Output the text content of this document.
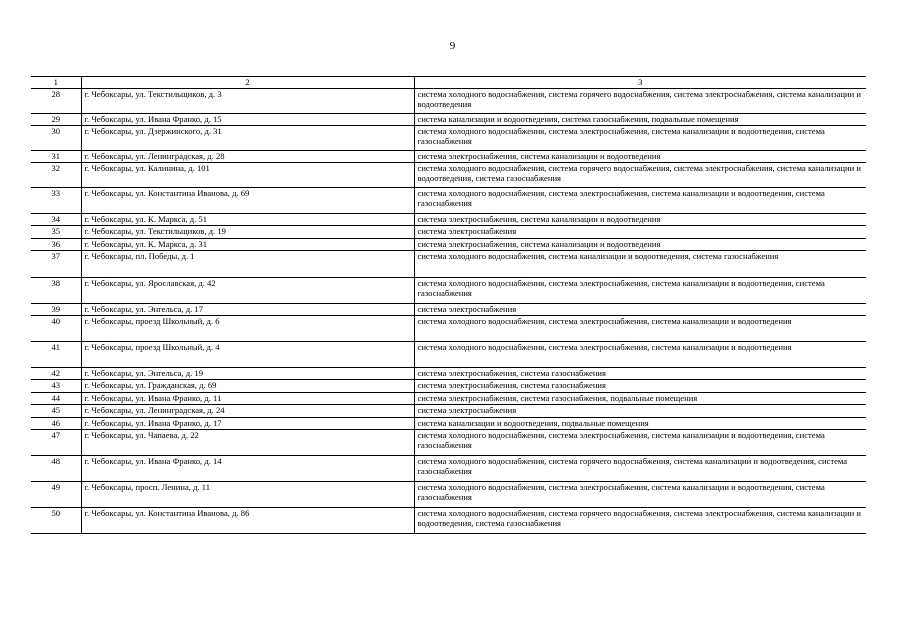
9
1	2	3
28	г. Чебоксары, ул. Текстильщиков, д. 3	система холодного водоснабжения, система горячего водоснабжения, система электроснабжения, система канализации и водоотведения
29	г. Чебоксары, ул. Ивана Франко, д. 15	система канализации и водоотведения, система газоснабжения, подвальные помещения
30	г. Чебоксары, ул. Дзержинского, д. 31	система холодного водоснабжения, система электроснабжения, система канализации и водоотведения, система газоснабжения
31	г. Чебоксары, ул. Ленинградская, д. 28	система электроснабжения, система канализации и водоотведения
32	г. Чебоксары, ул. Калинина, д. 101	система холодного водоснабжения, система горячего водоснабжения, система электроснабжения, система канализации и водоотведения, система газоснабжения
33	г. Чебоксары, ул. Константина Иванова, д. 69	система холодного водоснабжения, система электроснабжения, система канализации и водоотведения, система газоснабжения
34	г. Чебоксары, ул. К. Маркса, д. 51	система электроснабжения, система канализации и водоотведения
35	г. Чебоксары, ул. Текстильщиков, д. 19	система электроснабжения
36	г. Чебоксары, ул. К. Маркса, д. 31	система электроснабжения, система канализации и водоотведения
37	г. Чебоксары, пл. Победы, д. 1	система холодного водоснабжения, система канализации и водоотведения, система газоснабжения
38	г. Чебоксары, ул. Ярославская, д. 42	система холодного водоснабжения, система электроснабжения, система канализации и водоотведения, система газоснабжения
39	г. Чебоксары, ул. Энгельса, д. 17	система электроснабжения
40	г. Чебоксары, проезд Школьный, д. 6	система холодного водоснабжения, система электроснабжения, система канализации и водоотведения
41	г. Чебоксары, проезд Школьный, д. 4	система холодного водоснабжения, система электроснабжения, система канализации и водоотведения
42	г. Чебоксары, ул. Энгельса, д. 19	система электроснабжения, система газоснабжения
43	г. Чебоксары, ул. Гражданская, д. 69	система электроснабжения, система газоснабжения
44	г. Чебоксары, ул. Ивана Франко, д. 11	система электроснабжения, система газоснабжения, подвальные помещения
45	г. Чебоксары, ул. Ленинградская, д. 24	система электроснабжения
46	г. Чебоксары, ул. Ивана Франко, д. 17	система канализации и водоотведения, подвальные помещения
47	г. Чебоксары, ул. Чапаева, д. 22	система холодного водоснабжения, система электроснабжения, система канализации и водоотведения, система газоснабжения
48	г. Чебоксары, ул. Ивана Франко, д. 14	система холодного водоснабжения, система горячего водоснабжения, система канализации и водоотведения, система газоснабжения
49	г. Чебоксары, просп. Ленина, д. 11	система холодного водоснабжения, система электроснабжения, система канализации и водоотведения, система газоснабжения
50	г. Чебоксары, ул. Константина Иванова, д. 86	система холодного водоснабжения, система горячего водоснабжения, система электроснабжения, система канализации и водоотведения, система газоснабжения
